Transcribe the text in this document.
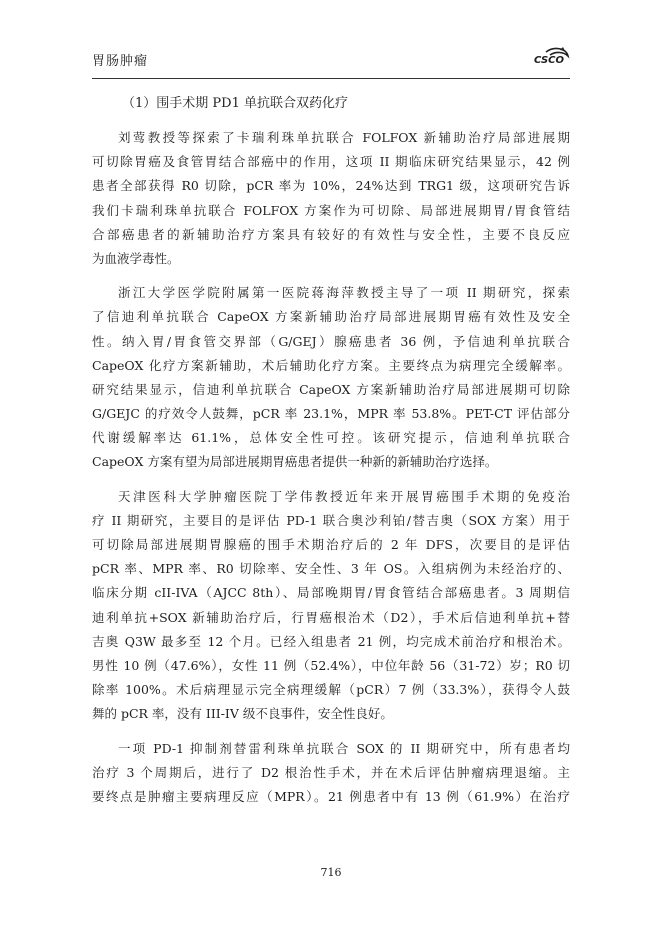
胃肠肿瘤	CSCO
（1）围手术期 PD1 单抗联合双药化疗
刘莺教授等探索了卡瑞利珠单抗联合 FOLFOX 新辅助治疗局部进展期
可切除胃癌及食管胃结合部癌中的作用，这项 II 期临床研究结果显示，42 例
患者全部获得 R0 切除，pCR 率为 10%，24%达到 TRG1 级，这项研究告诉
我们卡瑞利珠单抗联合 FOLFOX 方案作为可切除、局部进展期胃/胃食管结
合部癌患者的新辅助治疗方案具有较好的有效性与安全性，主要不良反应
为血液学毒性。
浙江大学医学院附属第一医院蒋海萍教授主导了一项 II 期研究，探索
了信迪利单抗联合 CapeOX 方案新辅助治疗局部进展期胃癌有效性及安全
性。纳入胃/胃食管交界部（G/GEJ）腺癌患者 36 例，予信迪利单抗联合
CapeOX 化疗方案新辅助，术后辅助化疗方案。主要终点为病理完全缓解率。
研究结果显示，信迪利单抗联合 CapeOX 方案新辅助治疗局部进展期可切除
G/GEJC 的疗效令人鼓舞，pCR 率 23.1%，MPR 率 53.8%。PET-CT 评估部分
代谢缓解率达 61.1%，总体安全性可控。该研究提示，信迪利单抗联合
CapeOX 方案有望为局部进展期胃癌患者提供一种新的新辅助治疗选择。
天津医科大学肿瘤医院丁学伟教授近年来开展胃癌围手术期的免疫治
疗 II 期研究，主要目的是评估 PD-1 联合奥沙利铂/替吉奥（SOX 方案）用于
可切除局部进展期胃腺癌的围手术期治疗后的 2 年 DFS，次要目的是评估
pCR 率、MPR 率、R0 切除率、安全性、3 年 OS。入组病例为未经治疗的、
临床分期 cII-IVA（AJCC 8th）、局部晚期胃/胃食管结合部癌患者。3 周期信
迪利单抗+SOX 新辅助治疗后，行胃癌根治术（D2），手术后信迪利单抗+替
吉奥 Q3W 最多至 12 个月。已经入组患者 21 例，均完成术前治疗和根治术。
男性 10 例（47.6%），女性 11 例（52.4%），中位年龄 56（31-72）岁；R0 切
除率 100%。术后病理显示完全病理缓解（pCR）7 例（33.3%），获得令人鼓
舞的 pCR 率，没有 III-IV 级不良事件，安全性良好。
一项 PD-1 抑制剂替雷利珠单抗联合 SOX 的 II 期研究中，所有患者均
治疗 3 个周期后，进行了 D2 根治性手术，并在术后评估肿瘤病理退缩。主
要终点是肿瘤主要病理反应（MPR）。21 例患者中有 13 例（61.9%）在治疗
716
